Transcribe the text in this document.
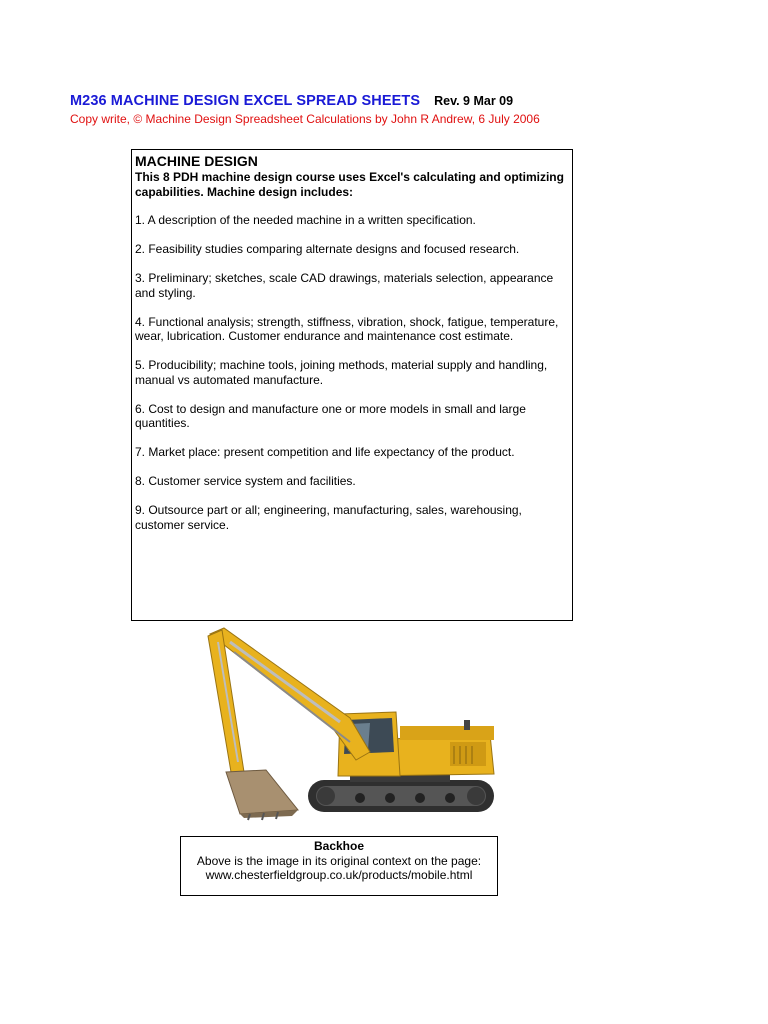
M236 MACHINE DESIGN EXCEL SPREAD SHEETS Rev. 9 Mar 09
Copy write, © Machine Design Spreadsheet Calculations by John R Andrew, 6 July 2006
MACHINE DESIGN
This 8 PDH machine design course uses Excel's calculating and optimizing capabilities. Machine design includes:
1. A description of the needed machine in a written specification.
2. Feasibility studies comparing alternate designs and focused research.
3. Preliminary; sketches, scale CAD drawings, materials selection, appearance and styling.
4. Functional analysis; strength, stiffness, vibration, shock, fatigue, temperature, wear, lubrication. Customer endurance and maintenance cost estimate.
5. Producibility; machine tools, joining methods, material supply and handling, manual vs automated manufacture.
6. Cost to design and manufacture one or more models in small and large quantities.
7. Market place: present competition and life expectancy of the product.
8. Customer service system and facilities.
9. Outsource part or all; engineering, manufacturing, sales, warehousing, customer service.
Backhoe
Above is the image in its original context on the page:
www.chesterfieldgroup.co.uk/products/mobile.html
